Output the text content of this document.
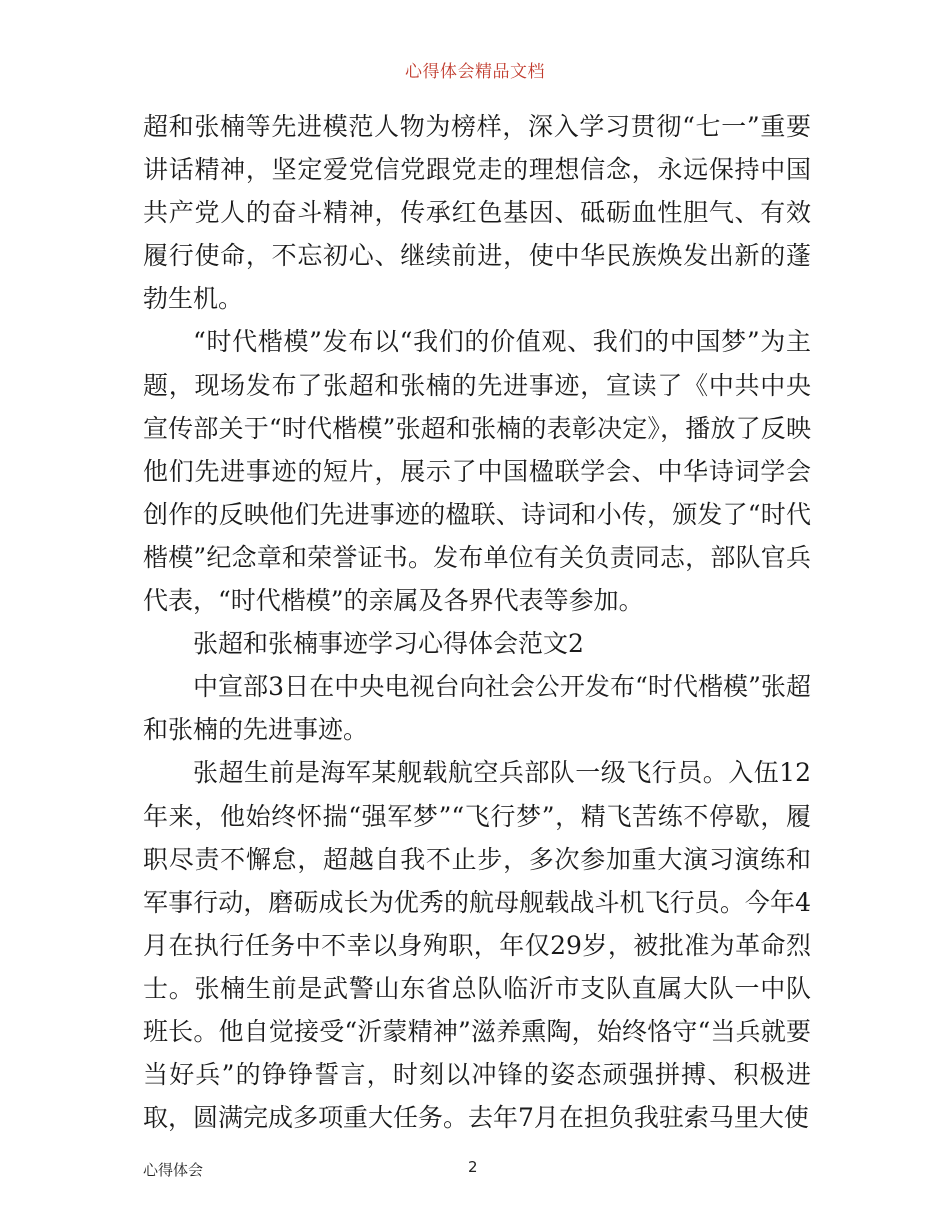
心得体会精品文档

超和张楠等先进模范人物为榜样，深入学习贯彻“七一”重要讲话精神，坚定爱党信党跟党走的理想信念，永远保持中国共产党人的奋斗精神，传承红色基因、砥砺血性胆气、有效履行使命，不忘初心、继续前进，使中华民族焕发出新的蓬勃生机。

“时代楷模”发布以“我们的价值观、我们的中国梦”为主题，现场发布了张超和张楠的先进事迹，宣读了《中共中央宣传部关于“时代楷模”张超和张楠的表彰决定》，播放了反映他们先进事迹的短片，展示了中国楹联学会、中华诗词学会创作的反映他们先进事迹的楹联、诗词和小传，颁发了“时代楷模”纪念章和荣誉证书。发布单位有关负责同志，部队官兵代表，“时代楷模”的亲属及各界代表等参加。

张超和张楠事迹学习心得体会范文2

中宣部3日在中央电视台向社会公开发布“时代楷模”张超和张楠的先进事迹。

张超生前是海军某舰载航空兵部队一级飞行员。入伍12年来，他始终怀揣“强军梦”“飞行梦”，精飞苦练不停歇，履职尽责不懈怠，超越自我不止步，多次参加重大演习演练和军事行动，磨砺成长为优秀的航母舰载战斗机飞行员。今年4月在执行任务中不幸以身殉职，年仅29岁，被批准为革命烈士。张楠生前是武警山东省总队临沂市支队直属大队一中队班长。他自觉接受“沂蒙精神”滋养熏陶，始终恪守“当兵就要当好兵”的铮铮誓言，时刻以冲锋的姿态顽强拼搏、积极进取，圆满完成多项重大任务。去年7月在担负我驻索马里大使

心得体会	2
